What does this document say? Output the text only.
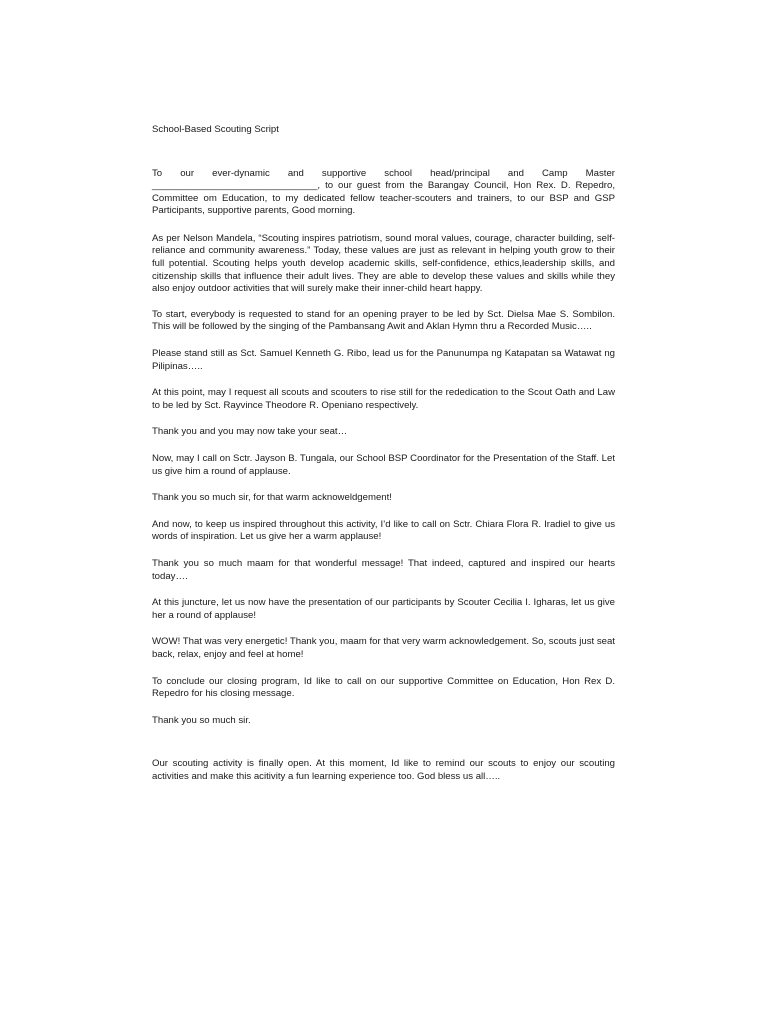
School-Based Scouting Script

To our ever-dynamic and supportive school head/principal and Camp Master _______________________________, to our guest from the Barangay Council, Hon Rex. D. Repedro, Committee om Education, to my dedicated fellow teacher-scouters and trainers, to our BSP and GSP Participants, supportive parents, Good morning.

As per Nelson Mandela, “Scouting inspires patriotism, sound moral values, courage, character building, self-reliance and community awareness.” Today, these values are just as relevant in helping youth grow to their full potential. Scouting helps youth develop academic skills, self-confidence, ethics,leadership skills, and citizenship skills that influence their adult lives. They are able to develop these values and skills while they also enjoy outdoor activities that will surely make their inner-child heart happy.

To start, everybody is requested to stand for an opening prayer to be led by Sct. Dielsa Mae S. Sombilon. This will be followed by the singing of the Pambansang Awit and Aklan Hymn thru a Recorded Music…..

Please stand still as Sct. Samuel Kenneth G. Ribo, lead us for the Panunumpa ng Katapatan sa Watawat ng Pilipinas…..

At this point, may I request all scouts and scouters to rise still for the rededication to the Scout Oath and Law to be led by Sct. Rayvince Theodore R. Openiano respectively.

Thank you and you may now take your seat…

Now, may I call on Sctr. Jayson B. Tungala, our School BSP Coordinator for the Presentation of the Staff. Let us give him a round of applause.

Thank you so much sir, for that warm acknoweldgement!

And now, to keep us inspired throughout this activity, I’d like to call on Sctr. Chiara Flora R. Iradiel to give us words of inspiration. Let us give her a warm applause!

Thank you so much maam for that wonderful message! That indeed, captured and inspired our hearts today….

At this juncture, let us now have the presentation of our participants by Scouter Cecilia I. Igharas, let us give her a round of applause!

WOW! That was very energetic! Thank you, maam for that very warm acknowledgement. So, scouts just seat back, relax, enjoy and feel at home!

To conclude our closing program, Id like to call on our supportive Committee on Education, Hon Rex D. Repedro for his closing message.

Thank you so much sir.

Our scouting activity is finally open. At this moment, Id like to remind our scouts to enjoy our scouting activities and make this acitivity a fun learning experience too. God bless us all…..
